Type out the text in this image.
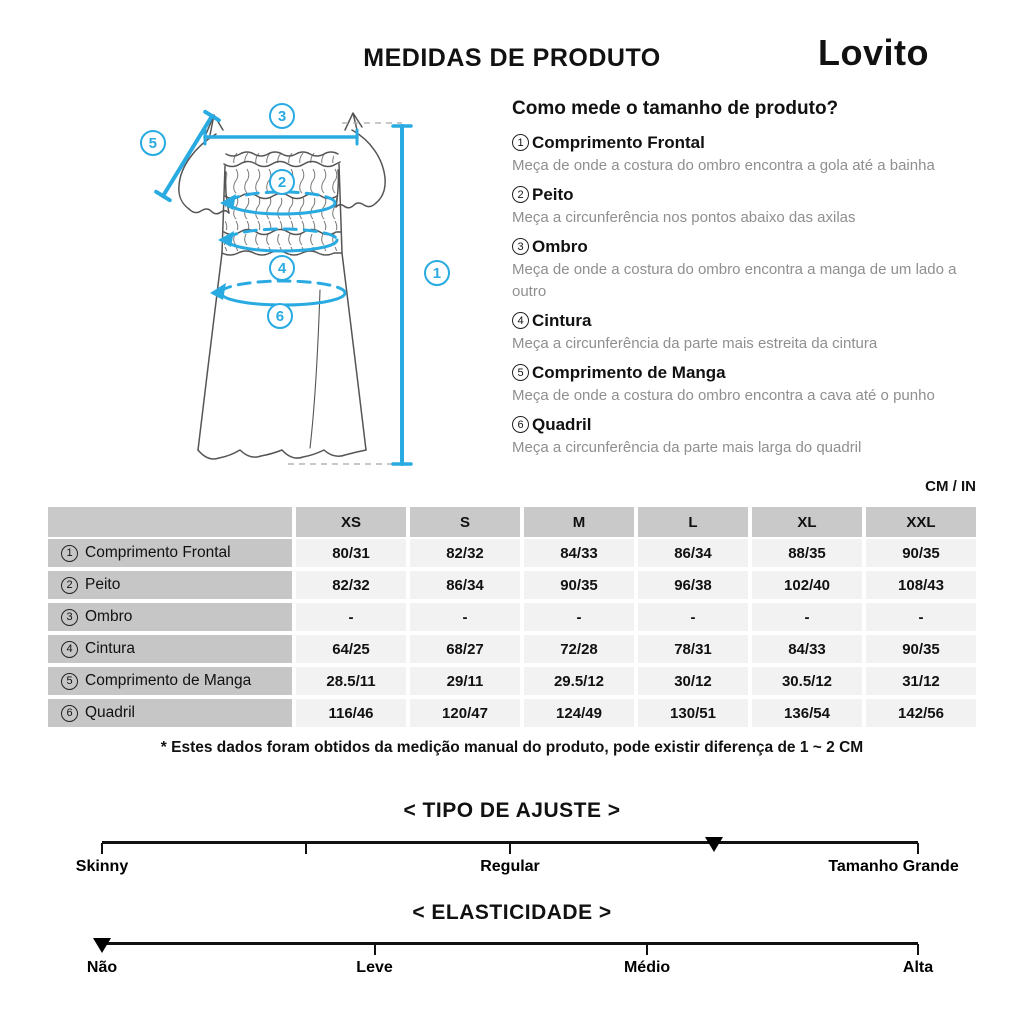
MEDIDAS DE PRODUTO	Lovito
1
2
3
4
5
6
Como mede o tamanho de produto?
1 Comprimento Frontal

Meça de onde a costura do ombro encontra a gola até a bainha

2 Peito

Meça a circunferência nos pontos abaixo das axilas

3 Ombro

Meça de onde a costura do ombro encontra a manga de um lado a outro

4 Cintura

Meça a circunferência da parte mais estreita da cintura

5 Comprimento de Manga

Meça de onde a costura do ombro encontra a cava até o punho

6 Quadril

Meça a circunferência da parte mais larga do quadril

CM / IN
XS	S	M	L	XL	XXL
1 Comprimento Frontal	80/31	82/32	84/33	86/34	88/35	90/35
2 Peito	82/32	86/34	90/35	96/38	102/40	108/43
3 Ombro	-	-	-	-	-	-
4 Cintura	64/25	68/27	72/28	78/31	84/33	90/35
5 Comprimento de Manga	28.5/11	29/11	29.5/12	30/12	30.5/12	31/12
6 Quadril	116/46	120/47	124/49	130/51	136/54	142/56
* Estes dados foram obtidos da medição manual do produto, pode existir diferença de 1 ~ 2 CM
< TIPO DE AJUSTE >
Skinny	Regular	Tamanho Grande
< ELASTICIDADE >
Não	Leve	Médio	Alta
